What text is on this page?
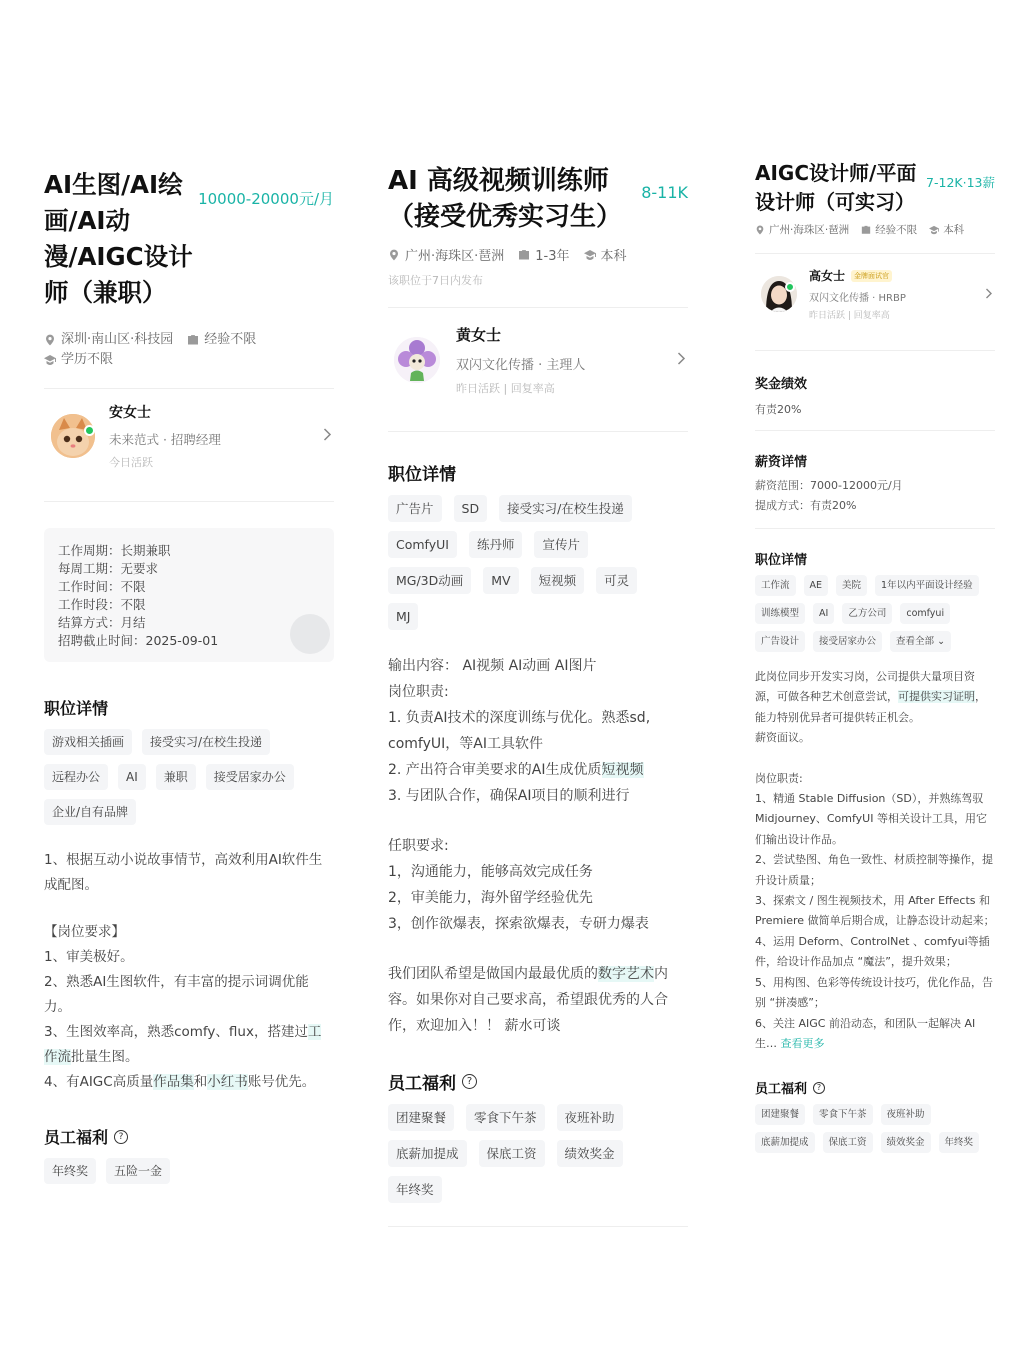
AI生图/AI绘画/AI动漫/AIGC设计师（兼职）
10000-20000元/月
深圳·南山区·科技园 经验不限
学历不限
安女士
未来范式 · 招聘经理
今日活跃
工作周期：长期兼职
每周工期：无要求
工作时间：不限
工作时段：不限
结算方式：月结
招聘截止时间：2025-09-01
职位详情
游戏相关插画	接受实习/在校生投递
远程办公	AI	兼职	接受居家办公
企业/自有品牌
1、根据互动小说故事情节，高效利用AI软件生成配图。
【岗位要求】
1、审美极好。
2、熟悉AI生图软件，有丰富的提示词调优能力。
3、生图效率高，熟悉comfy、flux，搭建过工作流批量生图。
4、有AIGC高质量作品集和小红书账号优先。
员工福利	?
年终奖	五险一金
AI 高级视频训练师
（接受优秀实习生）
8-11K
广州·海珠区·琶洲 1-3年 本科
该职位于7日内发布
黄女士
双闪文化传播 · 主理人
昨日活跃 | 回复率高
职位详情
广告片	SD	接受实习/在校生投递
ComfyUI	练丹师	宣传片
MG/3D动画	MV	短视频	可灵
MJ
输出内容： AI视频 AI动画 AI图片
岗位职责:
1. 负责AI技术的深度训练与优化。熟悉sd, comfyUI，等AI工具软件
2. 产出符合审美要求的AI生成优质短视频
3. 与团队合作，确保AI项目的顺利进行
任职要求:
1，沟通能力，能够高效完成任务
2，审美能力，海外留学经验优先
3，创作欲爆表，探索欲爆表，专研力爆表
我们团队希望是做国内最最优质的数字艺术内容。如果你对自己要求高，希望跟优秀的人合作，欢迎加入！！ 薪水可谈
员工福利	?
团建聚餐	零食下午茶	夜班补助
底薪加提成	保底工资	绩效奖金
年终奖
AIGC设计师/平面设计师（可实习）
7-12K·13薪
广州·海珠区·琶洲 经验不限 本科
高女士	金牌面试官
双闪文化传播 · HRBP
昨日活跃 | 回复率高
奖金绩效
有责20%
薪资详情
薪资范围：7000-12000元/月
提成方式：有责20%
职位详情
工作流	AE	美院	1年以内平面设计经验
训练模型	AI	乙方公司	comfyui
广告设计	接受居家办公	查看全部 ⌄
此岗位同步开发实习岗，公司提供大量项目资源，可做各种艺术创意尝试，可提供实习证明，能力特别优异者可提供转正机会。
薪资面议。
岗位职责:
1、精通 Stable Diffusion（SD），并熟练驾驭 Midjourney、ComfyUI 等相关设计工具，用它们输出设计作品。
2、尝试垫图、角色一致性、材质控制等操作，提升设计质量；
3、探索文 / 图生视频技术，用 After Effects 和 Premiere 做简单后期合成，让静态设计动起来；
4、运用 Deform、ControlNet 、comfyui等插件，给设计作品加点 “魔法”，提升效果；
5、用构图、色彩等传统设计技巧，优化作品，告别 “拼凑感”；
6、关注 AIGC 前沿动态，和团队一起解决 AI 生… 查看更多
员工福利	?
团建聚餐	零食下午茶	夜班补助
底薪加提成	保底工资	绩效奖金	年终奖
